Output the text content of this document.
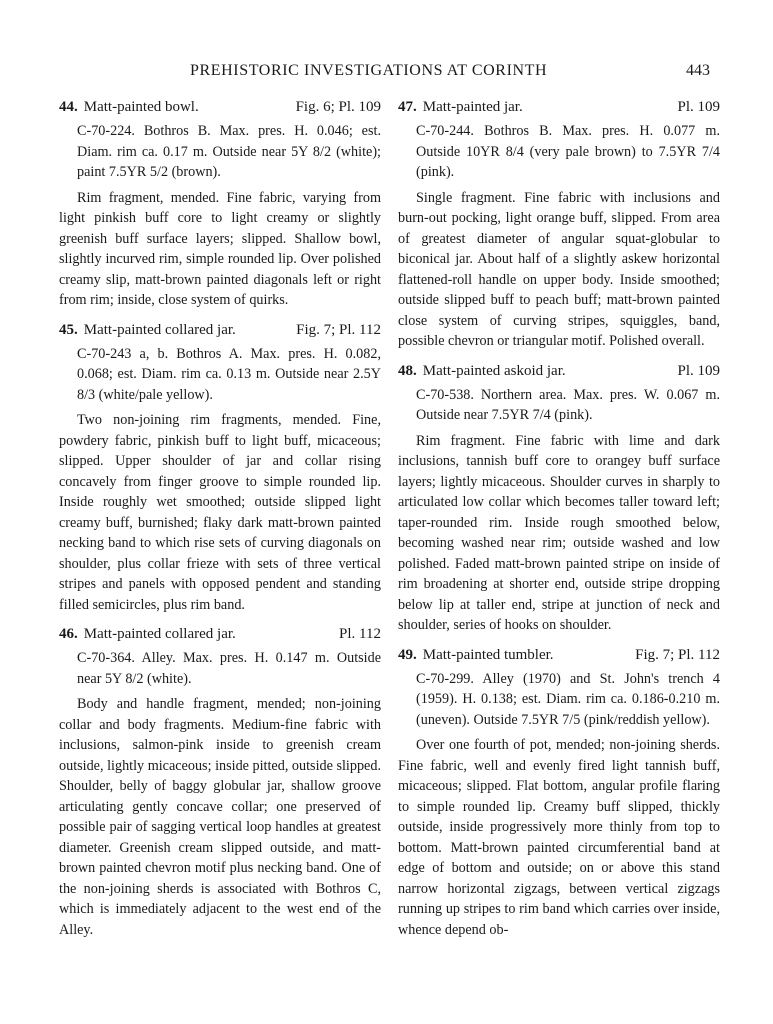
PREHISTORIC INVESTIGATIONS AT CORINTH	443
44. Matt-painted bowl.	Fig. 6; Pl. 109
C-70-224. Bothros B. Max. pres. H. 0.046; est. Diam. rim ca. 0.17 m. Outside near 5Y 8/2 (white); paint 7.5YR 5/2 (brown).

Rim fragment, mended. Fine fabric, varying from light pinkish buff core to light creamy or slightly greenish buff surface layers; slipped. Shallow bowl, slightly incurved rim, simple rounded lip. Over polished creamy slip, matt-brown painted diagonals left or right from rim; inside, close system of quirks.

45. Matt-painted collared jar.	Fig. 7; Pl. 112
C-70-243 a, b. Bothros A. Max. pres. H. 0.082, 0.068; est. Diam. rim ca. 0.13 m. Outside near 2.5Y 8/3 (white/pale yellow).

Two non-joining rim fragments, mended. Fine, powdery fabric, pinkish buff to light buff, micaceous; slipped. Upper shoulder of jar and collar rising concavely from finger groove to simple rounded lip. Inside roughly wet smoothed; outside slipped light creamy buff, burnished; flaky dark matt-brown painted necking band to which rise sets of curving diagonals on shoulder, plus collar frieze with sets of three vertical stripes and panels with opposed pendent and standing filled semicircles, plus rim band.

46. Matt-painted collared jar.	Pl. 112
C-70-364. Alley. Max. pres. H. 0.147 m. Outside near 5Y 8/2 (white).

Body and handle fragment, mended; non-joining collar and body fragments. Medium-fine fabric with inclusions, salmon-pink inside to greenish cream outside, lightly micaceous; inside pitted, outside slipped. Shoulder, belly of baggy globular jar, shallow groove articulating gently concave collar; one preserved of possible pair of sagging vertical loop handles at greatest diameter. Greenish cream slipped outside, and matt-brown painted chevron motif plus necking band. One of the non-joining sherds is associated with Bothros C, which is immediately adjacent to the west end of the Alley.

47. Matt-painted jar.	Pl. 109
C-70-244. Bothros B. Max. pres. H. 0.077 m. Outside 10YR 8/4 (very pale brown) to 7.5YR 7/4 (pink).

Single fragment. Fine fabric with inclusions and burn-out pocking, light orange buff, slipped. From area of greatest diameter of angular squat-globular to biconical jar. About half of a slightly askew horizontal flattened-roll handle on upper body. Inside smoothed; outside slipped buff to peach buff; matt-brown painted close system of curving stripes, squiggles, band, possible chevron or triangular motif. Polished overall.

48. Matt-painted askoid jar.	Pl. 109
C-70-538. Northern area. Max. pres. W. 0.067 m. Outside near 7.5YR 7/4 (pink).

Rim fragment. Fine fabric with lime and dark inclusions, tannish buff core to orangey buff surface layers; lightly micaceous. Shoulder curves in sharply to articulated low collar which becomes taller toward left; taper-rounded rim. Inside rough smoothed below, becoming washed near rim; outside washed and low polished. Faded matt-brown painted stripe on inside of rim broadening at shorter end, outside stripe dropping below lip at taller end, stripe at junction of neck and shoulder, series of hooks on shoulder.

49. Matt-painted tumbler.	Fig. 7; Pl. 112
C-70-299. Alley (1970) and St. John's trench 4 (1959). H. 0.138; est. Diam. rim ca. 0.186-0.210 m. (uneven). Outside 7.5YR 7/5 (pink/reddish yellow).

Over one fourth of pot, mended; non-joining sherds. Fine fabric, well and evenly fired light tannish buff, micaceous; slipped. Flat bottom, angular profile flaring to simple rounded lip. Creamy buff slipped, thickly outside, inside progressively more thinly from top to bottom. Matt-brown painted circumferential band at edge of bottom and outside; on or above this stand narrow horizontal zigzags, between vertical zigzags running up stripes to rim band which carries over inside, whence depend ob-
